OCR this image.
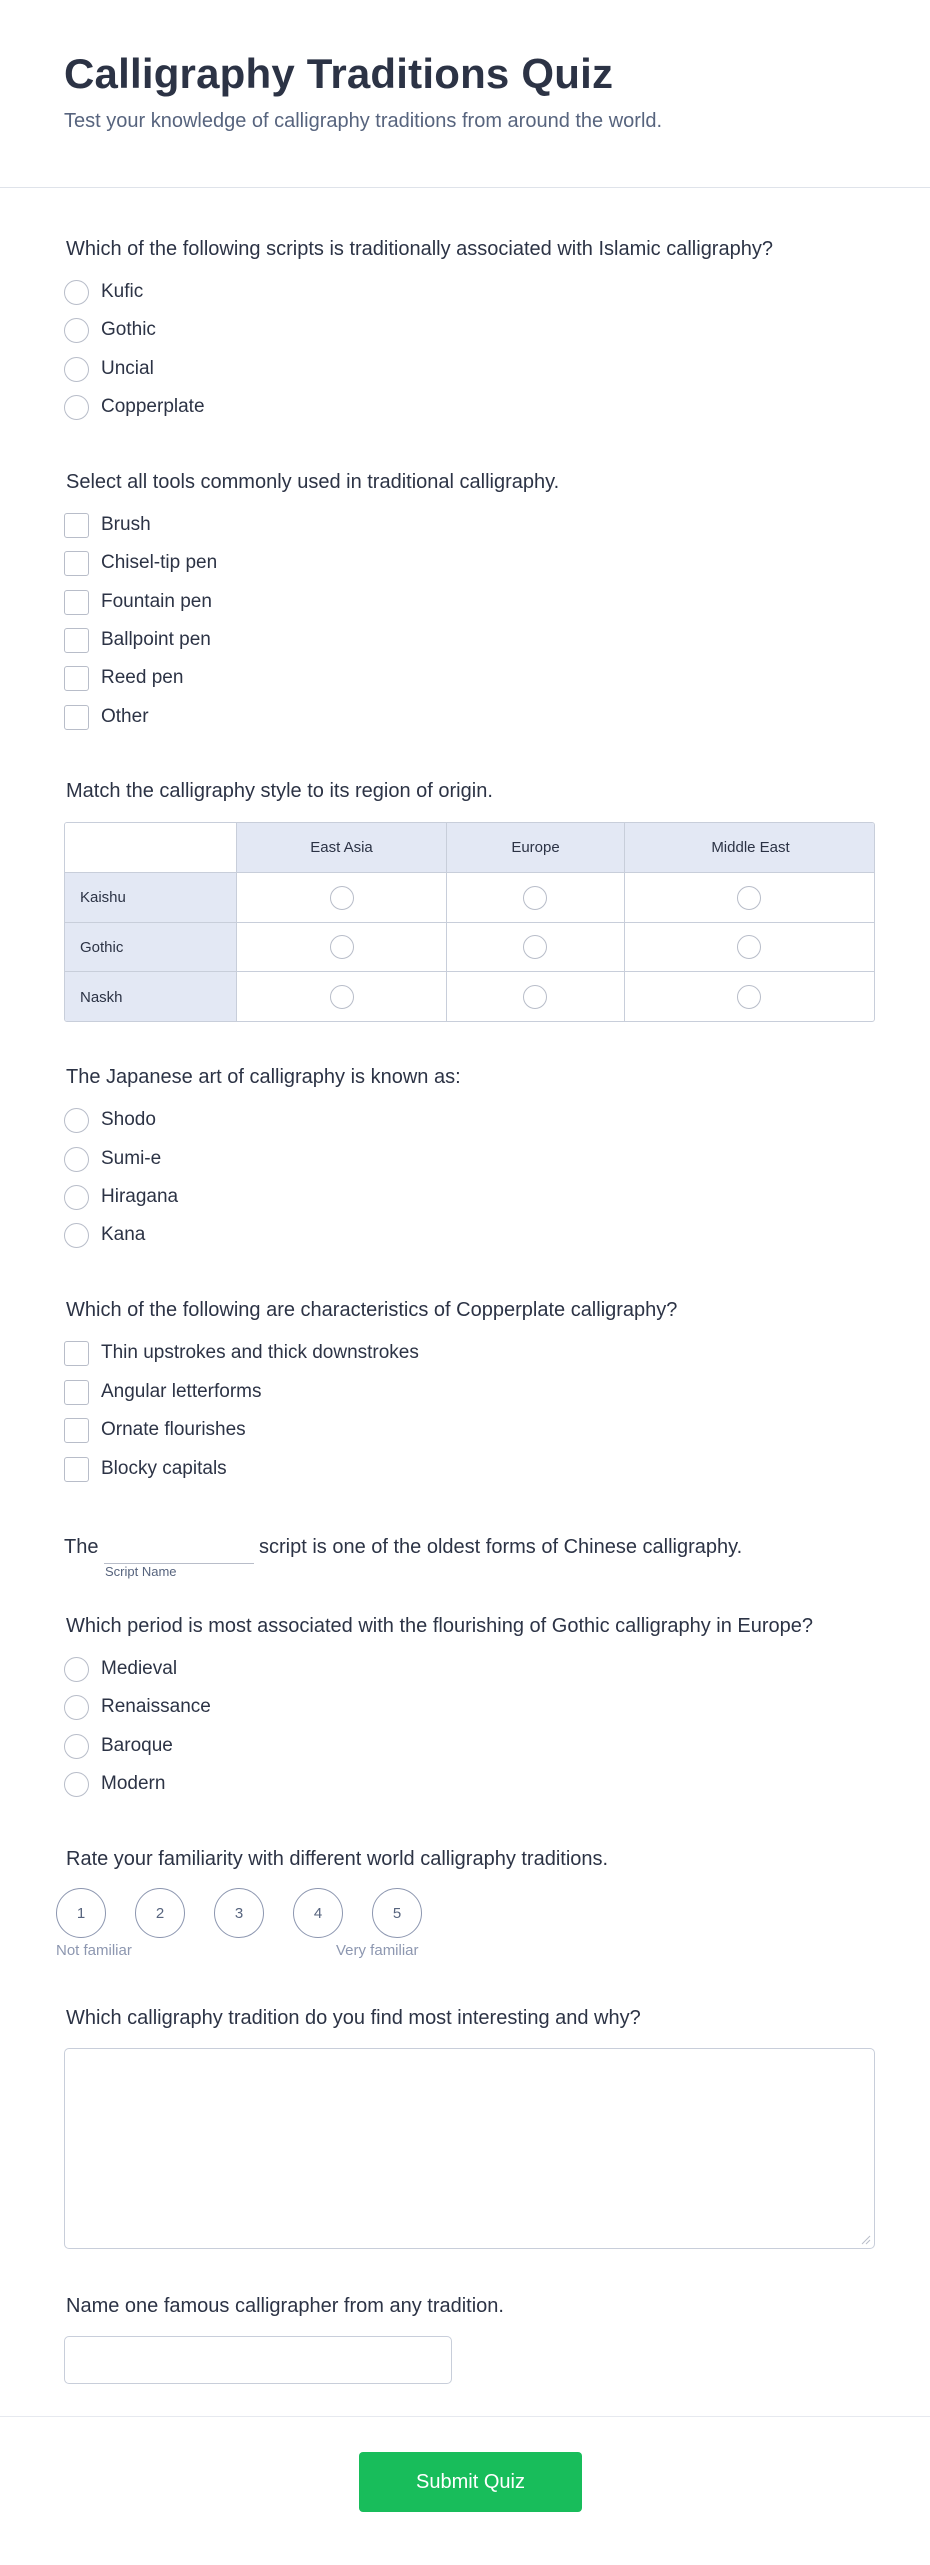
Calligraphy Traditions Quiz
Test your knowledge of calligraphy traditions from around the world.
Which of the following scripts is traditionally associated with Islamic calligraphy?
Kufic
Gothic
Uncial
Copperplate
Select all tools commonly used in traditional calligraphy.
Brush
Chisel-tip pen
Fountain pen
Ballpoint pen
Reed pen
Other
Match the calligraphy style to its region of origin.
East Asia	Europe	Middle East
Kaishu
Gothic
Naskh
The Japanese art of calligraphy is known as:
Shodo
Sumi-e
Hiragana
Kana
Which of the following are characteristics of Copperplate calligraphy?
Thin upstrokes and thick downstrokes
Angular letterforms
Ornate flourishes
Blocky capitals
The	script is one of the oldest forms of Chinese calligraphy.
Script Name
Which period is most associated with the flourishing of Gothic calligraphy in Europe?
Medieval
Renaissance
Baroque
Modern
Rate your familiarity with different world calligraphy traditions.
1	2	3	4	5
Not familiar	Very familiar
Which calligraphy tradition do you find most interesting and why?
Name one famous calligrapher from any tradition.
Submit Quiz
